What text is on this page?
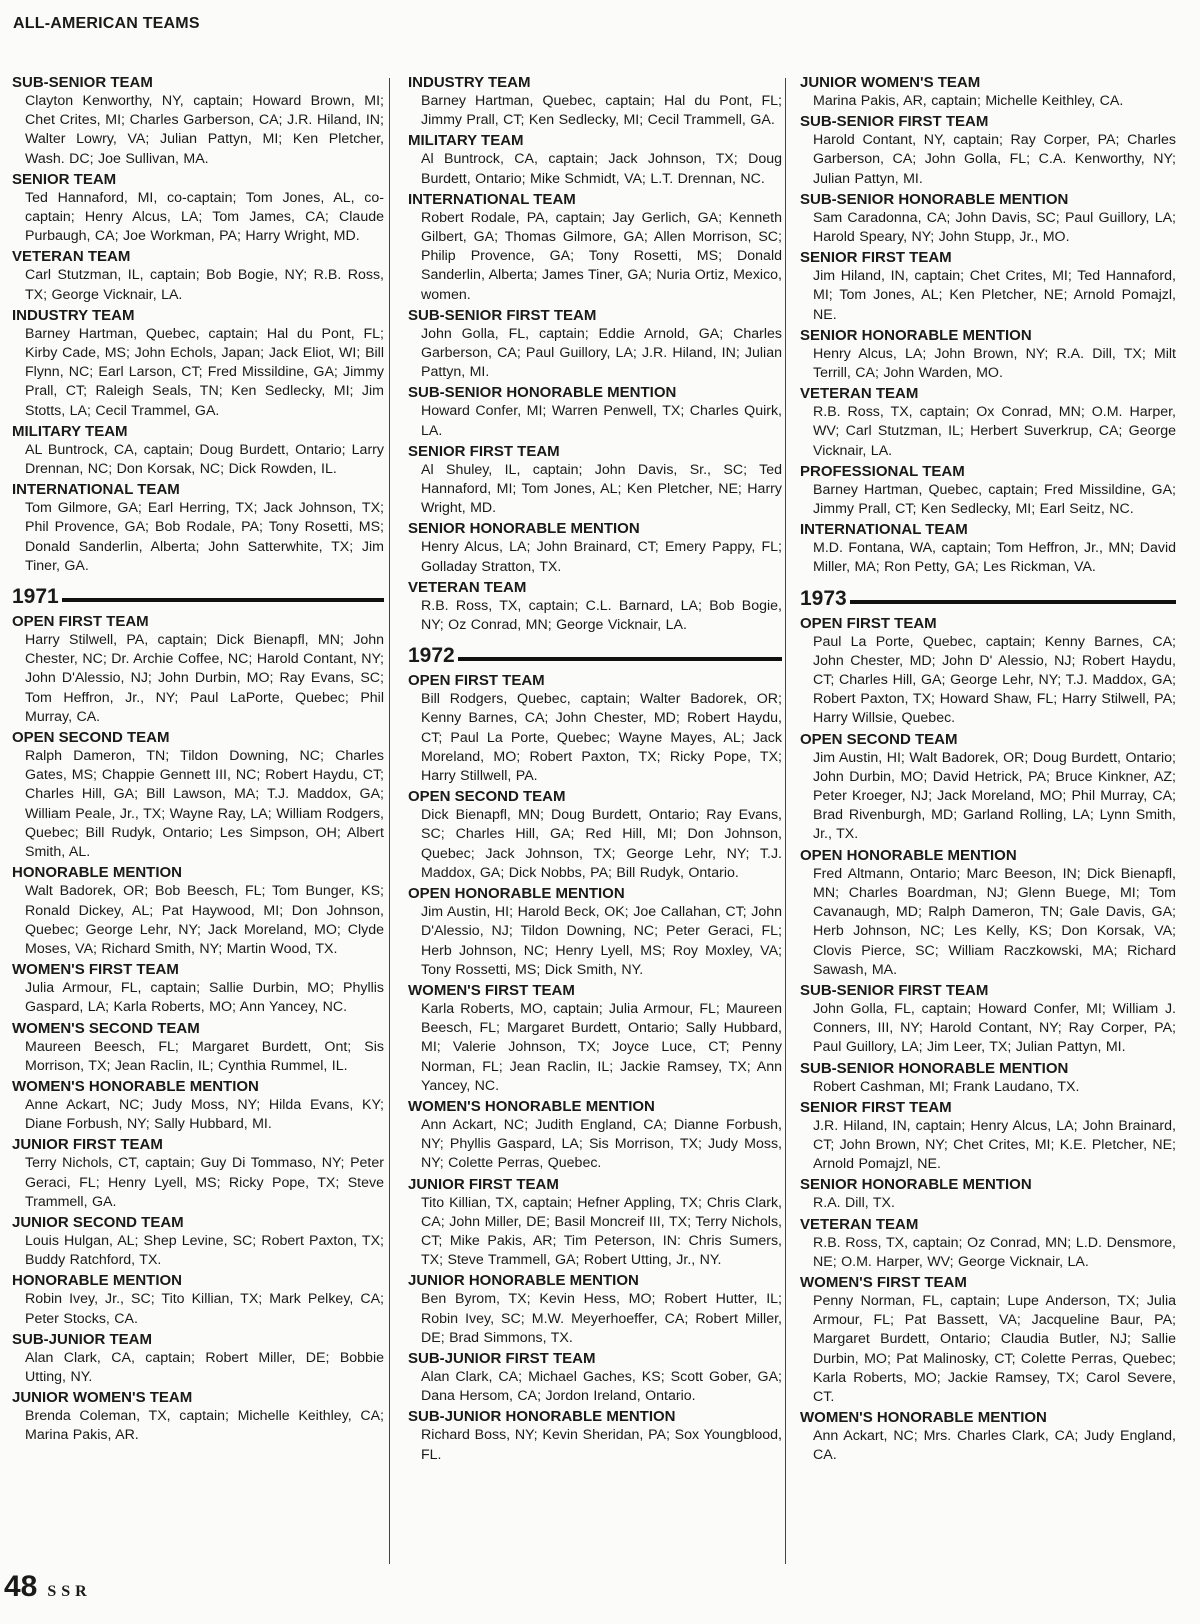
ALL-AMERICAN TEAMS
SUB-SENIOR TEAM
Clayton Kenworthy, NY, captain; Howard Brown, MI; Chet Crites, MI; Charles Garberson, CA; J.R. Hiland, IN; Walter Lowry, VA; Julian Pattyn, MI; Ken Pletcher, Wash. DC; Joe Sullivan, MA.
SENIOR TEAM
Ted Hannaford, MI, co-captain; Tom Jones, AL, co-captain; Henry Alcus, LA; Tom James, CA; Claude Purbaugh, CA; Joe Workman, PA; Harry Wright, MD.
VETERAN TEAM
Carl Stutzman, IL, captain; Bob Bogie, NY; R.B. Ross, TX; George Vicknair, LA.
INDUSTRY TEAM
Barney Hartman, Quebec, captain; Hal du Pont, FL; Kirby Cade, MS; John Echols, Japan; Jack Eliot, WI; Bill Flynn, NC; Earl Larson, CT; Fred Missildine, GA; Jimmy Prall, CT; Raleigh Seals, TN; Ken Sedlecky, MI; Jim Stotts, LA; Cecil Trammel, GA.
MILITARY TEAM
AL Buntrock, CA, captain; Doug Burdett, Ontario; Larry Drennan, NC; Don Korsak, NC; Dick Rowden, IL.
INTERNATIONAL TEAM
Tom Gilmore, GA; Earl Herring, TX; Jack Johnson, TX; Phil Provence, GA; Bob Rodale, PA; Tony Rosetti, MS; Donald Sanderlin, Alberta; John Satterwhite, TX; Jim Tiner, GA.
1971
OPEN FIRST TEAM
Harry Stilwell, PA, captain; Dick Bienapfl, MN; John Chester, NC; Dr. Archie Coffee, NC; Harold Contant, NY; John D'Alessio, NJ; John Durbin, MO; Ray Evans, SC; Tom Heffron, Jr., NY; Paul LaPorte, Quebec; Phil Murray, CA.
OPEN SECOND TEAM
Ralph Dameron, TN; Tildon Downing, NC; Charles Gates, MS; Chappie Gennett III, NC; Robert Haydu, CT; Charles Hill, GA; Bill Lawson, MA; T.J. Maddox, GA; William Peale, Jr., TX; Wayne Ray, LA; William Rodgers, Quebec; Bill Rudyk, Ontario; Les Simpson, OH; Albert Smith, AL.
HONORABLE MENTION
Walt Badorek, OR; Bob Beesch, FL; Tom Bunger, KS; Ronald Dickey, AL; Pat Haywood, MI; Don Johnson, Quebec; George Lehr, NY; Jack Moreland, MO; Clyde Moses, VA; Richard Smith, NY; Martin Wood, TX.
WOMEN'S FIRST TEAM
Julia Armour, FL, captain; Sallie Durbin, MO; Phyllis Gaspard, LA; Karla Roberts, MO; Ann Yancey, NC.
WOMEN'S SECOND TEAM
Maureen Beesch, FL; Margaret Burdett, Ont; Sis Morrison, TX; Jean Raclin, IL; Cynthia Rummel, IL.
WOMEN'S HONORABLE MENTION
Anne Ackart, NC; Judy Moss, NY; Hilda Evans, KY; Diane Forbush, NY; Sally Hubbard, MI.
JUNIOR FIRST TEAM
Terry Nichols, CT, captain; Guy Di Tommaso, NY; Peter Geraci, FL; Henry Lyell, MS; Ricky Pope, TX; Steve Trammell, GA.
JUNIOR SECOND TEAM
Louis Hulgan, AL; Shep Levine, SC; Robert Paxton, TX; Buddy Ratchford, TX.
HONORABLE MENTION
Robin Ivey, Jr., SC; Tito Killian, TX; Mark Pelkey, CA; Peter Stocks, CA.
SUB-JUNIOR TEAM
Alan Clark, CA, captain; Robert Miller, DE; Bobbie Utting, NY.
JUNIOR WOMEN'S TEAM
Brenda Coleman, TX, captain; Michelle Keithley, CA; Marina Pakis, AR.
INDUSTRY TEAM
Barney Hartman, Quebec, captain; Hal du Pont, FL; Jimmy Prall, CT; Ken Sedlecky, MI; Cecil Trammell, GA.
MILITARY TEAM
Al Buntrock, CA, captain; Jack Johnson, TX; Doug Burdett, Ontario; Mike Schmidt, VA; L.T. Drennan, NC.
INTERNATIONAL TEAM
Robert Rodale, PA, captain; Jay Gerlich, GA; Kenneth Gilbert, GA; Thomas Gilmore, GA; Allen Morrison, SC; Philip Provence, GA; Tony Rosetti, MS; Donald Sanderlin, Alberta; James Tiner, GA; Nuria Ortiz, Mexico, women.
SUB-SENIOR FIRST TEAM
John Golla, FL, captain; Eddie Arnold, GA; Charles Garberson, CA; Paul Guillory, LA; J.R. Hiland, IN; Julian Pattyn, MI.
SUB-SENIOR HONORABLE MENTION
Howard Confer, MI; Warren Penwell, TX; Charles Quirk, LA.
SENIOR FIRST TEAM
Al Shuley, IL, captain; John Davis, Sr., SC; Ted Hannaford, MI; Tom Jones, AL; Ken Pletcher, NE; Harry Wright, MD.
SENIOR HONORABLE MENTION
Henry Alcus, LA; John Brainard, CT; Emery Pappy, FL; Golladay Stratton, TX.
VETERAN TEAM
R.B. Ross, TX, captain; C.L. Barnard, LA; Bob Bogie, NY; Oz Conrad, MN; George Vicknair, LA.
1972
OPEN FIRST TEAM
Bill Rodgers, Quebec, captain; Walter Badorek, OR; Kenny Barnes, CA; John Chester, MD; Robert Haydu, CT; Paul La Porte, Quebec; Wayne Mayes, AL; Jack Moreland, MO; Robert Paxton, TX; Ricky Pope, TX; Harry Stillwell, PA.
OPEN SECOND TEAM
Dick Bienapfl, MN; Doug Burdett, Ontario; Ray Evans, SC; Charles Hill, GA; Red Hill, MI; Don Johnson, Quebec; Jack Johnson, TX; George Lehr, NY; T.J. Maddox, GA; Dick Nobbs, PA; Bill Rudyk, Ontario.
OPEN HONORABLE MENTION
Jim Austin, HI; Harold Beck, OK; Joe Callahan, CT; John D'Alessio, NJ; Tildon Downing, NC; Peter Geraci, FL; Herb Johnson, NC; Henry Lyell, MS; Roy Moxley, VA; Tony Rossetti, MS; Dick Smith, NY.
WOMEN'S FIRST TEAM
Karla Roberts, MO, captain; Julia Armour, FL; Maureen Beesch, FL; Margaret Burdett, Ontario; Sally Hubbard, MI; Valerie Johnson, TX; Joyce Luce, CT; Penny Norman, FL; Jean Raclin, IL; Jackie Ramsey, TX; Ann Yancey, NC.
WOMEN'S HONORABLE MENTION
Ann Ackart, NC; Judith England, CA; Dianne Forbush, NY; Phyllis Gaspard, LA; Sis Morrison, TX; Judy Moss, NY; Colette Perras, Quebec.
JUNIOR FIRST TEAM
Tito Killian, TX, captain; Hefner Appling, TX; Chris Clark, CA; John Miller, DE; Basil Moncreif III, TX; Terry Nichols, CT; Mike Pakis, AR; Tim Peterson, IN: Chris Sumers, TX; Steve Trammell, GA; Robert Utting, Jr., NY.
JUNIOR HONORABLE MENTION
Ben Byrom, TX; Kevin Hess, MO; Robert Hutter, IL; Robin Ivey, SC; M.W. Meyerhoeffer, CA; Robert Miller, DE; Brad Simmons, TX.
SUB-JUNIOR FIRST TEAM
Alan Clark, CA; Michael Gaches, KS; Scott Gober, GA; Dana Hersom, CA; Jordon Ireland, Ontario.
SUB-JUNIOR HONORABLE MENTION
Richard Boss, NY; Kevin Sheridan, PA; Sox Youngblood, FL.
JUNIOR WOMEN'S TEAM
Marina Pakis, AR, captain; Michelle Keithley, CA.
SUB-SENIOR FIRST TEAM
Harold Contant, NY, captain; Ray Corper, PA; Charles Garberson, CA; John Golla, FL; C.A. Kenworthy, NY; Julian Pattyn, MI.
SUB-SENIOR HONORABLE MENTION
Sam Caradonna, CA; John Davis, SC; Paul Guillory, LA; Harold Speary, NY; John Stupp, Jr., MO.
SENIOR FIRST TEAM
Jim Hiland, IN, captain; Chet Crites, MI; Ted Hannaford, MI; Tom Jones, AL; Ken Pletcher, NE; Arnold Pomajzl, NE.
SENIOR HONORABLE MENTION
Henry Alcus, LA; John Brown, NY; R.A. Dill, TX; Milt Terrill, CA; John Warden, MO.
VETERAN TEAM
R.B. Ross, TX, captain; Ox Conrad, MN; O.M. Harper, WV; Carl Stutzman, IL; Herbert Suverkrup, CA; George Vicknair, LA.
PROFESSIONAL TEAM
Barney Hartman, Quebec, captain; Fred Missildine, GA; Jimmy Prall, CT; Ken Sedlecky, MI; Earl Seitz, NC.
INTERNATIONAL TEAM
M.D. Fontana, WA, captain; Tom Heffron, Jr., MN; David Miller, MA; Ron Petty, GA; Les Rickman, VA.
1973
OPEN FIRST TEAM
Paul La Porte, Quebec, captain; Kenny Barnes, CA; John Chester, MD; John D' Alessio, NJ; Robert Haydu, CT; Charles Hill, GA; George Lehr, NY; T.J. Maddox, GA; Robert Paxton, TX; Howard Shaw, FL; Harry Stilwell, PA; Harry Willsie, Quebec.
OPEN SECOND TEAM
Jim Austin, HI; Walt Badorek, OR; Doug Burdett, Ontario; John Durbin, MO; David Hetrick, PA; Bruce Kinkner, AZ; Peter Kroeger, NJ; Jack Moreland, MO; Phil Murray, CA; Brad Rivenburgh, MD; Garland Rolling, LA; Lynn Smith, Jr., TX.
OPEN HONORABLE MENTION
Fred Altmann, Ontario; Marc Beeson, IN; Dick Bienapfl, MN; Charles Boardman, NJ; Glenn Buege, MI; Tom Cavanaugh, MD; Ralph Dameron, TN; Gale Davis, GA; Herb Johnson, NC; Les Kelly, KS; Don Korsak, VA; Clovis Pierce, SC; William Raczkowski, MA; Richard Sawash, MA.
SUB-SENIOR FIRST TEAM
John Golla, FL, captain; Howard Confer, MI; William J. Conners, III, NY; Harold Contant, NY; Ray Corper, PA; Paul Guillory, LA; Jim Leer, TX; Julian Pattyn, MI.
SUB-SENIOR HONORABLE MENTION
Robert Cashman, MI; Frank Laudano, TX.
SENIOR FIRST TEAM
J.R. Hiland, IN, captain; Henry Alcus, LA; John Brainard, CT; John Brown, NY; Chet Crites, MI; K.E. Pletcher, NE; Arnold Pomajzl, NE.
SENIOR HONORABLE MENTION
R.A. Dill, TX.
VETERAN TEAM
R.B. Ross, TX, captain; Oz Conrad, MN; L.D. Densmore, NE; O.M. Harper, WV; George Vicknair, LA.
WOMEN'S FIRST TEAM
Penny Norman, FL, captain; Lupe Anderson, TX; Julia Armour, FL; Pat Bassett, VA; Jacqueline Baur, PA; Margaret Burdett, Ontario; Claudia Butler, NJ; Sallie Durbin, MO; Pat Malinosky, CT; Colette Perras, Quebec; Karla Roberts, MO; Jackie Ramsey, TX; Carol Severe, CT.
WOMEN'S HONORABLE MENTION
Ann Ackart, NC; Mrs. Charles Clark, CA; Judy England, CA.
48 SSR
